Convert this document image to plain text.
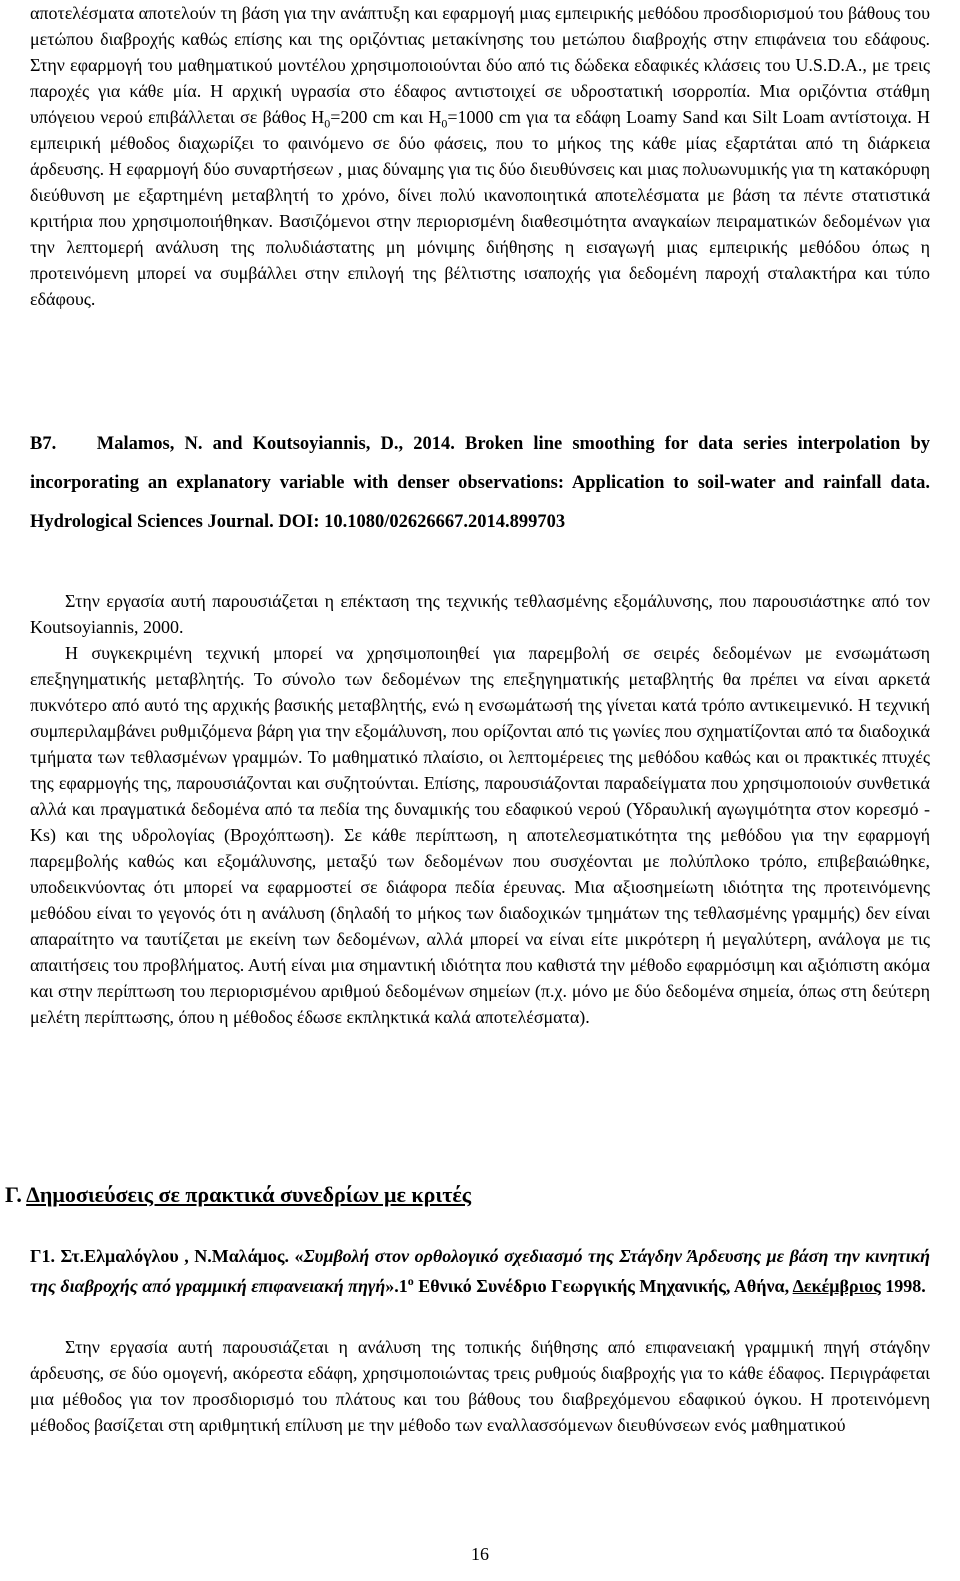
αποτελέσματα αποτελούν τη βάση για την ανάπτυξη και εφαρμογή μιας εμπειρικής μεθόδου προσδιορισμού του βάθους του μετώπου διαβροχής καθώς επίσης και της οριζόντιας μετακίνησης του μετώπου διαβροχής στην επιφάνεια του εδάφους. Στην εφαρμογή του μαθηματικού μοντέλου χρησιμοποιούνται δύο από τις δώδεκα εδαφικές κλάσεις του U.S.D.A., με τρεις παροχές για κάθε μία. Η αρχική υγρασία στο έδαφος αντιστοιχεί σε υδροστατική ισορροπία. Μια οριζόντια στάθμη υπόγειου νερού επιβάλλεται σε βάθος $H_0=200$ cm και $H_0=1000$ cm για τα εδάφη Loamy Sand και Silt Loam αντίστοιχα. Η εμπειρική μέθοδος διαχωρίζει το φαινόμενο σε δύο φάσεις, που το μήκος της κάθε μίας εξαρτάται από τη διάρκεια άρδευσης. Η εφαρμογή δύο συναρτήσεων , μιας δύναμης για τις δύο διευθύνσεις και μιας πολυωνυμικής για τη κατακόρυφη διεύθυνση με εξαρτημένη μεταβλητή το χρόνο, δίνει πολύ ικανοποιητικά αποτελέσματα με βάση τα πέντε στατιστικά κριτήρια που χρησιμοποιήθηκαν. Βασιζόμενοι στην περιορισμένη διαθεσιμότητα αναγκαίων πειραματικών δεδομένων για την λεπτομερή ανάλυση της πολυδιάστατης μη μόνιμης διήθησης η εισαγωγή μιας εμπειρικής μεθόδου όπως η προτεινόμενη μπορεί να συμβάλλει στην επιλογή της βέλτιστης ισαποχής για δεδομένη παροχή σταλακτήρα και τύπο εδάφους.

B7. Malamos, N. and Koutsoyiannis, D., 2014. Broken line smoothing for data series interpolation by incorporating an explanatory variable with denser observations: Application to soil-water and rainfall data. Hydrological Sciences Journal. DOI: 10.1080/02626667.2014.899703

Στην εργασία αυτή παρουσιάζεται η επέκταση της τεχνικής τεθλασμένης εξομάλυνσης, που παρουσιάστηκε από τον Koutsoyiannis, 2000.

Η συγκεκριμένη τεχνική μπορεί να χρησιμοποιηθεί για παρεμβολή σε σειρές δεδομένων με ενσωμάτωση επεξηγηματικής μεταβλητής. Το σύνολο των δεδομένων της επεξηγηματικής μεταβλητής θα πρέπει να είναι αρκετά πυκνότερο από αυτό της αρχικής βασικής μεταβλητής, ενώ η ενσωμάτωσή της γίνεται κατά τρόπο αντικειμενικό. Η τεχνική συμπεριλαμβάνει ρυθμιζόμενα βάρη για την εξομάλυνση, που ορίζονται από τις γωνίες που σχηματίζονται από τα διαδοχικά τμήματα των τεθλασμένων γραμμών. Το μαθηματικό πλαίσιο, οι λεπτομέρειες της μεθόδου καθώς και οι πρακτικές πτυχές της εφαρμογής της, παρουσιάζονται και συζητούνται. Επίσης, παρουσιάζονται παραδείγματα που χρησιμοποιούν συνθετικά αλλά και πραγματικά δεδομένα από τα πεδία της δυναμικής του εδαφικού νερού (Υδραυλική αγωγιμότητα στον κορεσμό - Ks) και της υδρολογίας (Βροχόπτωση). Σε κάθε περίπτωση, η αποτελεσματικότητα της μεθόδου για την εφαρμογή παρεμβολής καθώς και εξομάλυνσης, μεταξύ των δεδομένων που συσχέονται με πολύπλοκο τρόπο, επιβεβαιώθηκε, υποδεικνύοντας ότι μπορεί να εφαρμοστεί σε διάφορα πεδία έρευνας. Μια αξιοσημείωτη ιδιότητα της προτεινόμενης μεθόδου είναι το γεγονός ότι η ανάλυση (δηλαδή το μήκος των διαδοχικών τμημάτων της τεθλασμένης γραμμής) δεν είναι απαραίτητο να ταυτίζεται με εκείνη των δεδομένων, αλλά μπορεί να είναι είτε μικρότερη ή μεγαλύτερη, ανάλογα με τις απαιτήσεις του προβλήματος. Αυτή είναι μια σημαντική ιδιότητα που καθιστά την μέθοδο εφαρμόσιμη και αξιόπιστη ακόμα και στην περίπτωση του περιορισμένου αριθμού δεδομένων σημείων (π.χ. μόνο με δύο δεδομένα σημεία, όπως στη δεύτερη μελέτη περίπτωσης, όπου η μέθοδος έδωσε εκπληκτικά καλά αποτελέσματα).

Γ. Δημοσιεύσεις σε πρακτικά συνεδρίων με κριτές

Γ1. Στ.Ελμαλόγλου , Ν.Μαλάμος. «Συμβολή στον ορθολογικό σχεδιασμό της Στάγδην Άρδευσης με βάση την κινητική της διαβροχής από γραμμική επιφανειακή $\pi\eta\gamma ή».1^o$ Εθνικό Συνέδριο Γεωργικής Μηχανικής, Αθήνα, Δεκέμβριος 1998.

Στην εργασία αυτή παρουσιάζεται η ανάλυση της τοπικής διήθησης από επιφανειακή γραμμική πηγή στάγδην άρδευσης, σε δύο ομογενή, ακόρεστα εδάφη, χρησιμοποιώντας τρεις ρυθμούς διαβροχής για το κάθε έδαφος. Περιγράφεται μια μέθοδος για τον προσδιορισμό του πλάτους και του βάθους του διαβρεχόμενου εδαφικού όγκου. Η προτεινόμενη μέθοδος βασίζεται στη αριθμητική επίλυση με την μέθοδο των εναλλασσόμενων διευθύνσεων ενός μαθηματικού

16
